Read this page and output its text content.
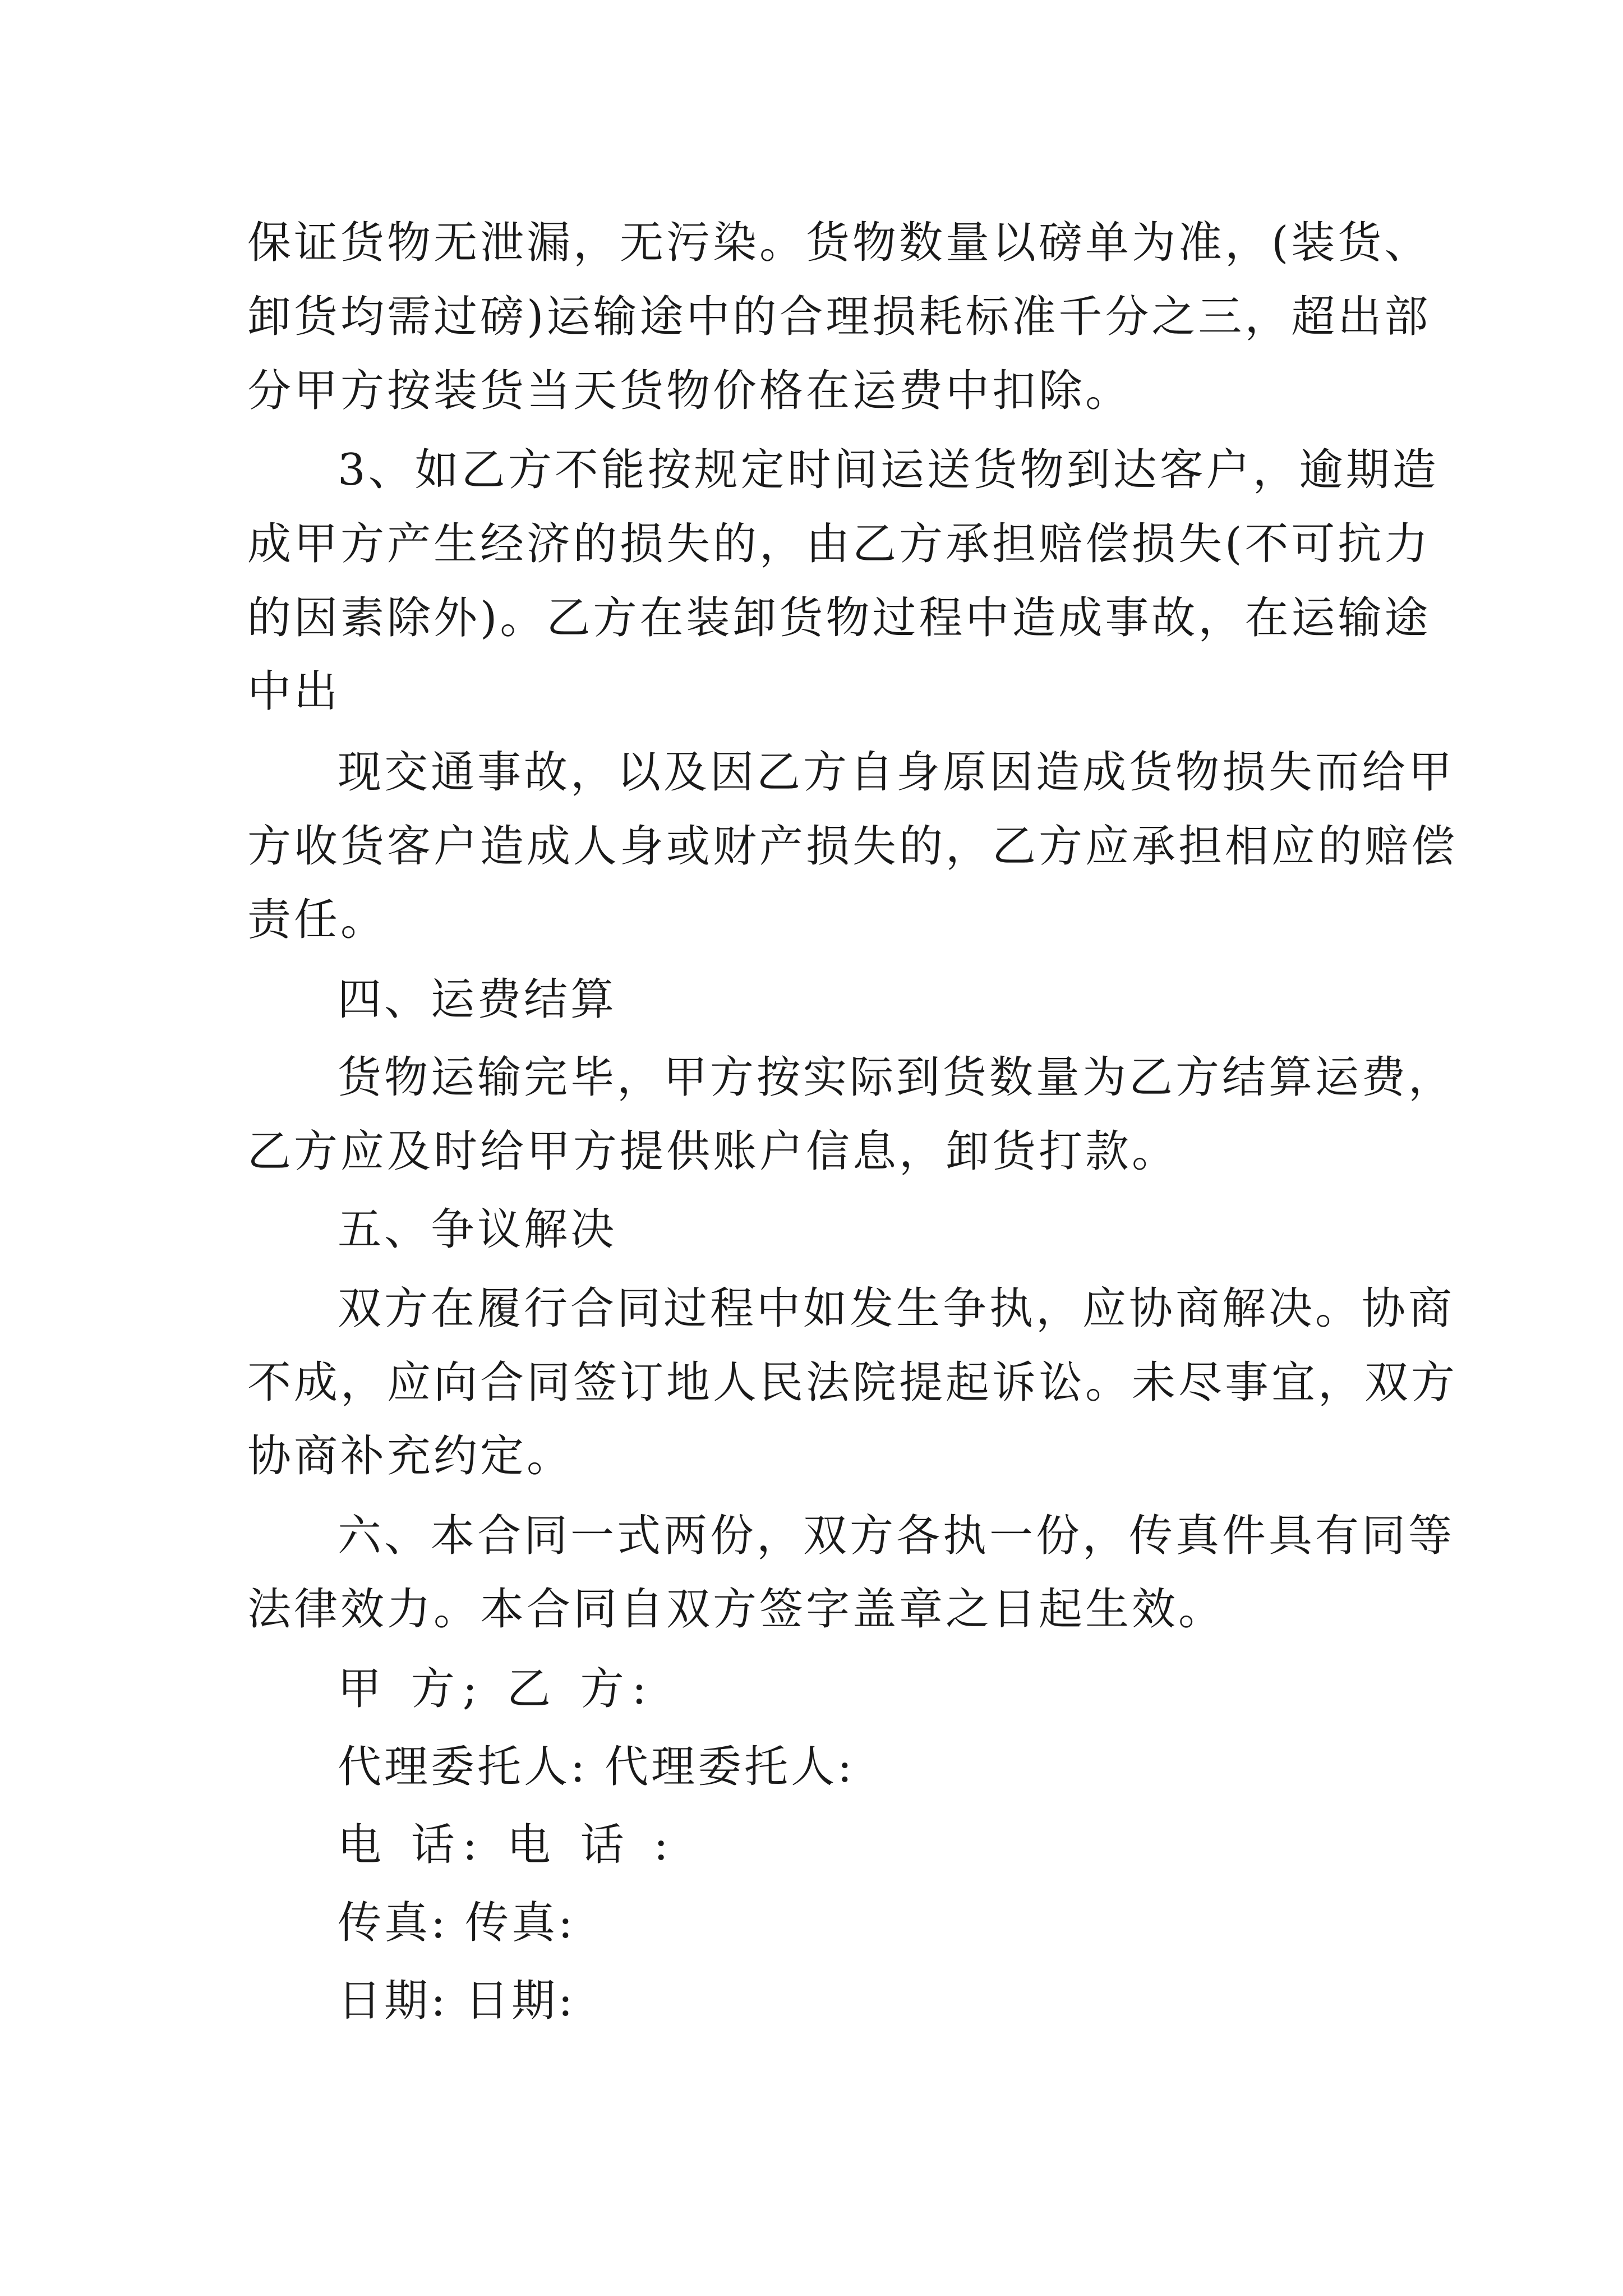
保证货物无泄漏，无污染。货物数量以磅单为准，(装货、

卸货均需过磅)运输途中的合理损耗标准千分之三，超出部

分甲方按装货当天货物价格在运费中扣除。

3、如乙方不能按规定时间运送货物到达客户，逾期造

成甲方产生经济的损失的，由乙方承担赔偿损失(不可抗力

的因素除外)。乙方在装卸货物过程中造成事故，在运输途

中出

现交通事故，以及因乙方自身原因造成货物损失而给甲

方收货客户造成人身或财产损失的，乙方应承担相应的赔偿

责任。

四、运费结算

货物运输完毕，甲方按实际到货数量为乙方结算运费，

乙方应及时给甲方提供账户信息，卸货打款。

五、争议解决

双方在履行合同过程中如发生争执，应协商解决。协商

不成，应向合同签订地人民法院提起诉讼。未尽事宜，双方

协商补充约定。

六、本合同一式两份，双方各执一份，传真件具有同等

法律效力。本合同自双方签字盖章之日起生效。

甲 方; 乙 方:

代理委托人: 代理委托人:

电 话: 电 话 :

传真: 传真:

日期: 日期:
